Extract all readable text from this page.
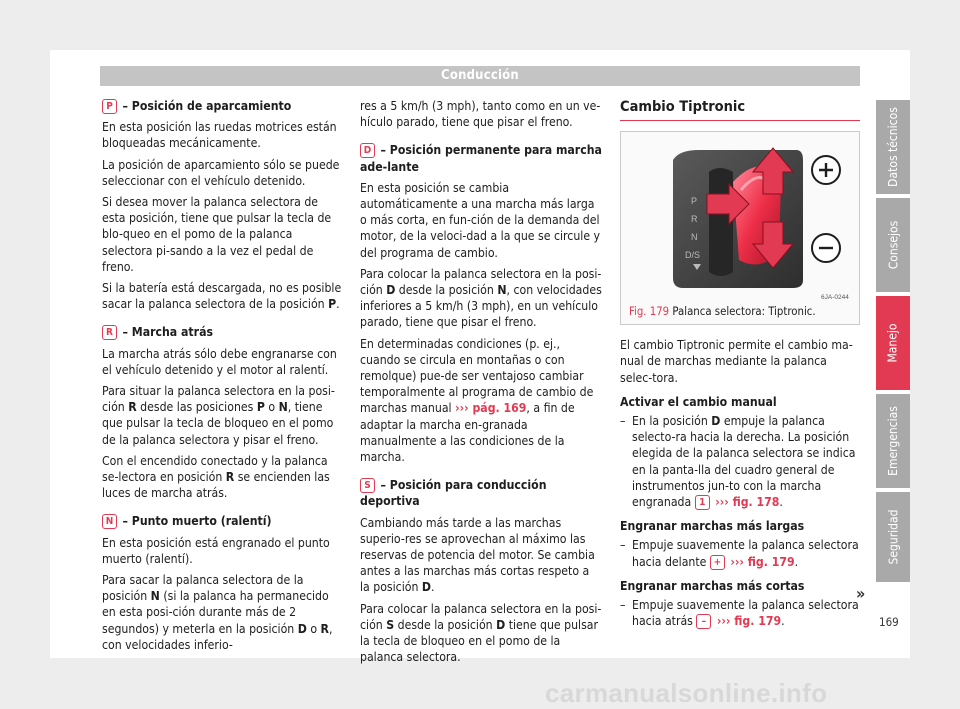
Conducción

P – Posición de aparcamiento

En esta posición las ruedas motrices están bloqueadas mecánicamente.

La posición de aparcamiento sólo se puede seleccionar con el vehículo detenido.

Si desea mover la palanca selectora de esta posición, tiene que pulsar la tecla de blo-queo en el pomo de la palanca selectora pi-sando a la vez el pedal de freno.

Si la batería está descargada, no es posible sacar la palanca selectora de la posición P.

R – Marcha atrás

La marcha atrás sólo debe engranarse con el vehículo detenido y el motor al ralentí.

Para situar la palanca selectora en la posi-ción R desde las posiciones P o N, tiene que pulsar la tecla de bloqueo en el pomo de la palanca selectora y pisar el freno.

Con el encendido conectado y la palanca se-lectora en posición R se encienden las luces de marcha atrás.

N – Punto muerto (ralentí)

En esta posición está engranado el punto muerto (ralentí).

Para sacar la palanca selectora de la posición N (si la palanca ha permanecido en esta posi-ción durante más de 2 segundos) y meterla en la posición D o R, con velocidades inferio-

res a 5 km/h (3 mph), tanto como en un ve-hículo parado, tiene que pisar el freno.

D – Posición permanente para marcha ade-lante

En esta posición se cambia automáticamente a una marcha más larga o más corta, en fun-ción de la demanda del motor, de la veloci-dad a la que se circule y del programa de cambio.

Para colocar la palanca selectora en la posi-ción D desde la posición N, con velocidades inferiores a 5 km/h (3 mph), en un vehículo parado, tiene que pisar el freno.

En determinadas condiciones (p. ej., cuando se circula en montañas o con remolque) pue-de ser ventajoso cambiar temporalmente al programa de cambio de marchas manual ››› pág. 169, a fin de adaptar la marcha en-granada manualmente a las condiciones de la marcha.

S – Posición para conducción deportiva

Cambiando más tarde a las marchas superio-res se aprovechan al máximo las reservas de potencia del motor. Se cambia antes a las marchas más cortas respeto a la posición D.

Para colocar la palanca selectora en la posi-ción S desde la posición D tiene que pulsar la tecla de bloqueo en el pomo de la palanca selectora.

Cambio Tiptronic
P
R
N
D/S
6JA-0244
Fig. 179 Palanca selectora: Tiptronic.

El cambio Tiptronic permite el cambio ma-nual de marchas mediante la palanca selec-tora.

Activar el cambio manual
– En la posición D empuje la palanca selecto-ra hacia la derecha. La posición elegida de la palanca selectora se indica en la panta-lla del cuadro general de instrumentos jun-to con la marcha engranada 1 ››› fig. 178.
Engranar marchas más largas
– Empuje suavemente la palanca selectora hacia delante + ››› fig. 179.
Engranar marchas más cortas
– Empuje suavemente la palanca selectora hacia atrás – ››› fig. 179.
Datos técnicos
Consejos
Manejo
Emergencias
Seguridad
»
169
carmanualsonline.info
